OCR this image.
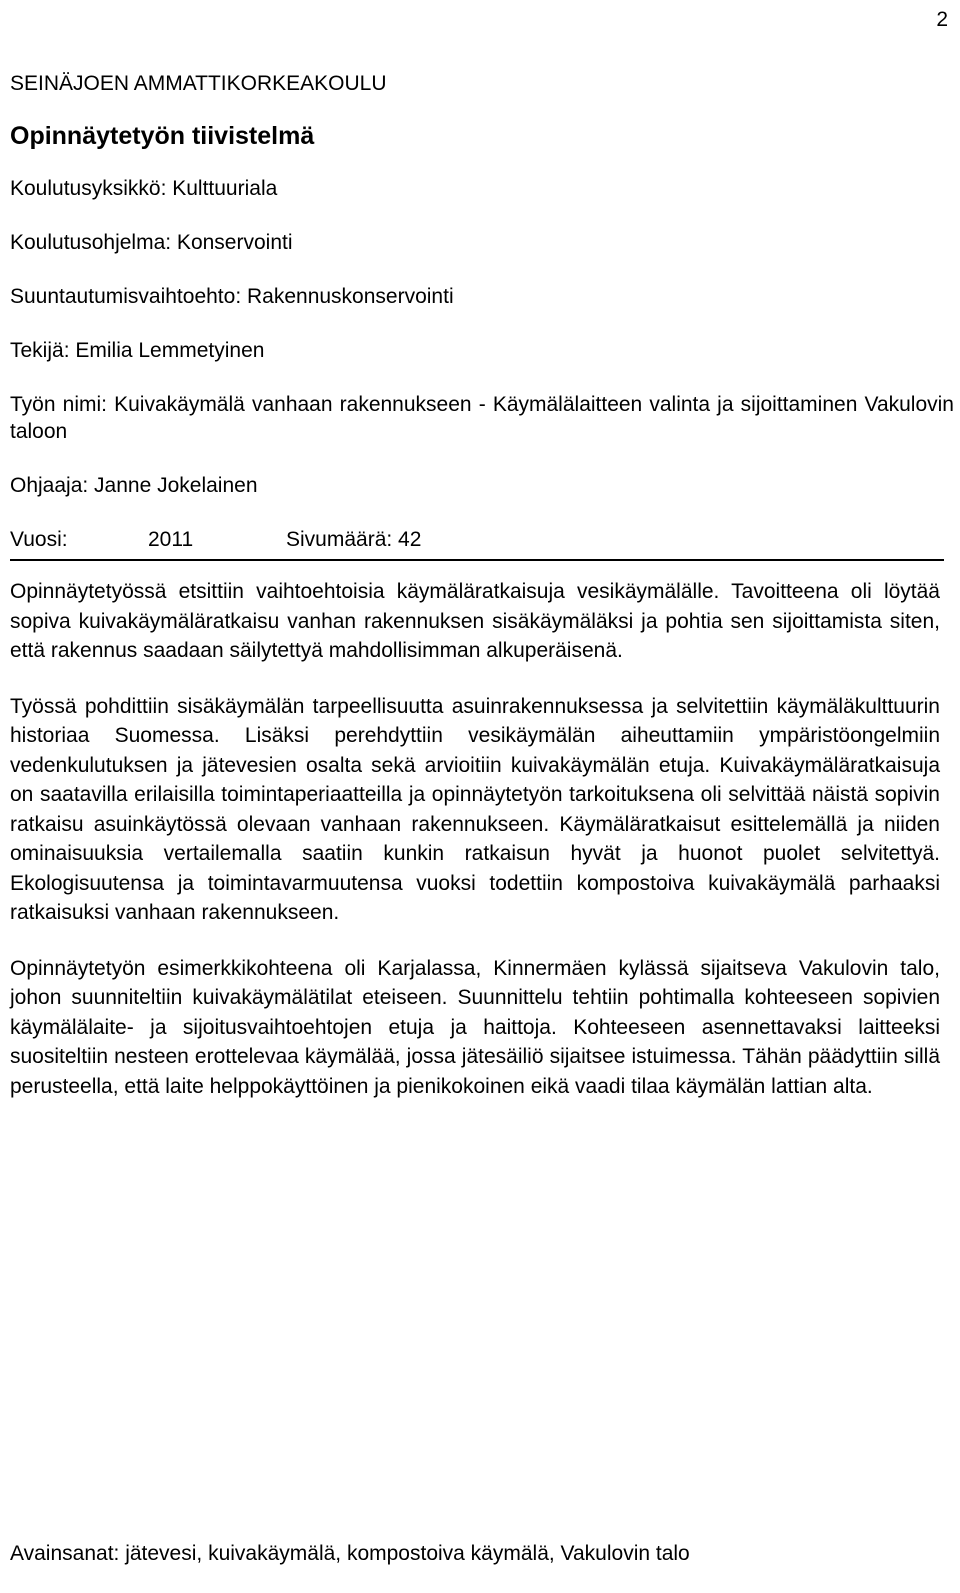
2
SEINÄJOEN AMMATTIKORKEAKOULU
Opinnäytetyön tiivistelmä
Koulutusyksikkö: Kulttuuriala
Koulutusohjelma: Konservointi
Suuntautumisvaihtoehto: Rakennuskonservointi
Tekijä: Emilia Lemmetyinen
Työn nimi: Kuivakäymälä vanhaan rakennukseen - Käymälälaitteen valinta ja sijoittaminen Vakulovin taloon
Ohjaaja: Janne Jokelainen
Vuosi:	2011	Sivumäärä: 42

Opinnäytetyössä etsittiin vaihtoehtoisia käymäläratkaisuja vesikäymälälle. Tavoitteena oli löytää sopiva kuivakäymäläratkaisu vanhan rakennuksen sisäkäymäläksi ja pohtia sen sijoittamista siten, että rakennus saadaan säilytettyä mahdollisimman alkuperäisenä.

Työssä pohdittiin sisäkäymälän tarpeellisuutta asuinrakennuksessa ja selvitettiin käymäläkulttuurin historiaa Suomessa. Lisäksi perehdyttiin vesikäymälän aiheuttamiin ympäristöongelmiin vedenkulutuksen ja jätevesien osalta sekä arvioitiin kuivakäymälän etuja. Kuivakäymäläratkaisuja on saatavilla erilaisilla toimintaperiaatteilla ja opinnäytetyön tarkoituksena oli selvittää näistä sopivin ratkaisu asuinkäytössä olevaan vanhaan rakennukseen. Käymäläratkaisut esittelemällä ja niiden ominaisuuksia vertailemalla saatiin kunkin ratkaisun hyvät ja huonot puolet selvitettyä. Ekologisuutensa ja toimintavarmuutensa vuoksi todettiin kompostoiva kuivakäymälä parhaaksi ratkaisuksi vanhaan rakennukseen.

Opinnäytetyön esimerkkikohteena oli Karjalassa, Kinnermäen kylässä sijaitseva Vakulovin talo, johon suunniteltiin kuivakäymälätilat eteiseen. Suunnittelu tehtiin pohtimalla kohteeseen sopivien käymälälaite- ja sijoitusvaihtoehtojen etuja ja haittoja. Kohteeseen asennettavaksi laitteeksi suositeltiin nesteen erottelevaa käymälää, jossa jätesäiliö sijaitsee istuimessa. Tähän päädyttiin sillä perusteella, että laite helppokäyttöinen ja pienikokoinen eikä vaadi tilaa käymälän lattian alta.

Avainsanat: jätevesi, kuivakäymälä, kompostoiva käymälä, Vakulovin talo
